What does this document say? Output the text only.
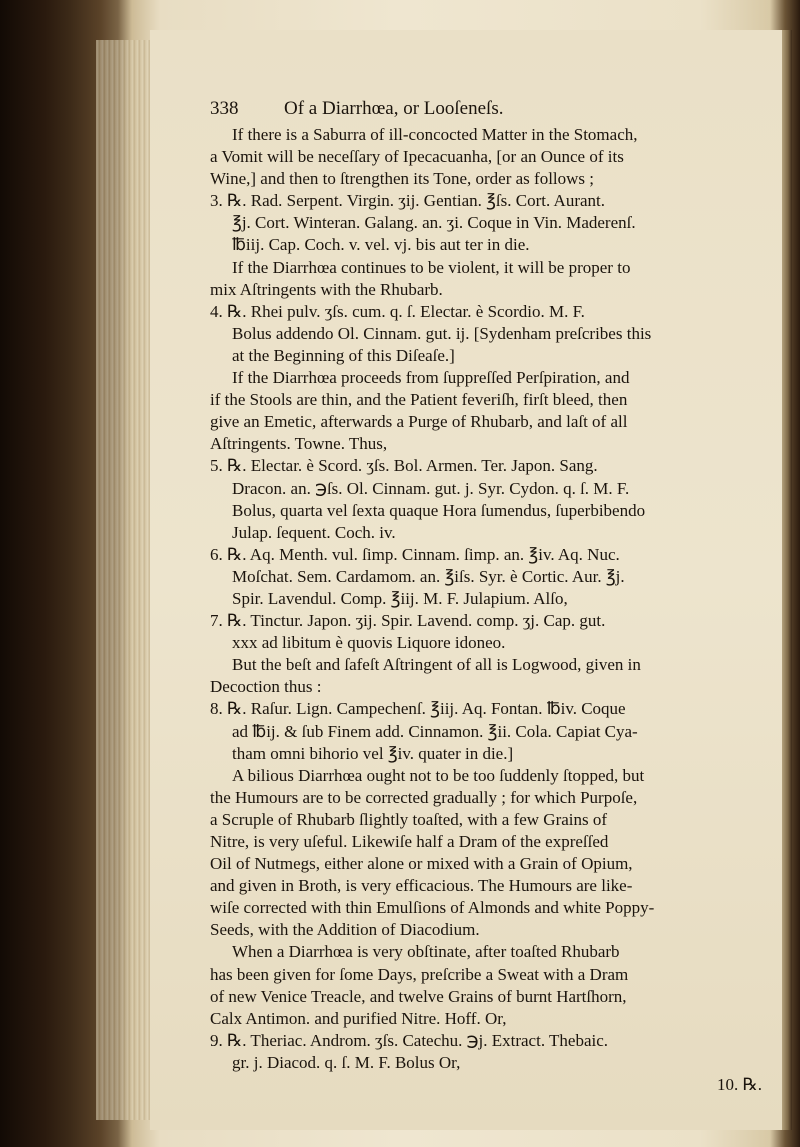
338 Of a Diarrhœa, or Looſeneſs.
If there is a Saburra of ill-concocted Matter in the Stomach,
a Vomit will be neceſſary of Ipecacuanha, [or an Ounce of its
Wine,] and then to ſtrengthen its Tone, order as follows ;
3. ℞. Rad. Serpent. Virgin. ʒij. Gentian. ℥ſs. Cort. Aurant.
℥j. Cort. Winteran. Galang. an. ʒi. Coque in Vin. Maderenſ.
℔iij. Cap. Coch. v. vel. vj. bis aut ter in die.
If the Diarrhœa continues to be violent, it will be proper to
mix Aſtringents with the Rhubarb.
4. ℞. Rhei pulv. ʒſs. cum. q. ſ. Electar. è Scordio. M. F.
Bolus addendo Ol. Cinnam. gut. ij. [Sydenham preſcribes this
at the Beginning of this Diſeaſe.]
If the Diarrhœa proceeds from ſuppreſſed Perſpiration, and
if the Stools are thin, and the Patient feveriſh, firſt bleed, then
give an Emetic, afterwards a Purge of Rhubarb, and laſt of all
Aſtringents. Towne. Thus,
5. ℞. Electar. è Scord. ʒſs. Bol. Armen. Ter. Japon. Sang.
Dracon. an. ℈ſs. Ol. Cinnam. gut. j. Syr. Cydon. q. ſ. M. F.
Bolus, quarta vel ſexta quaque Hora ſumendus, ſuperbibendo
Julap. ſequent. Coch. iv.
6. ℞. Aq. Menth. vul. ſimp. Cinnam. ſimp. an. ℥iv. Aq. Nuc.
Moſchat. Sem. Cardamom. an. ℥iſs. Syr. è Cortic. Aur. ℥j.
Spir. Lavendul. Comp. ℥iij. M. F. Julapium. Alſo,
7. ℞. Tinctur. Japon. ʒij. Spir. Lavend. comp. ʒj. Cap. gut.
xxx ad libitum è quovis Liquore idoneo.
But the beſt and ſafeſt Aſtringent of all is Logwood, given in
Decoction thus :
8. ℞. Raſur. Lign. Campechenſ. ℥iij. Aq. Fontan. ℔iv. Coque
ad ℔ij. & ſub Finem add. Cinnamon. ℥ii. Cola. Capiat Cya-
tham omni bihorio vel ℥iv. quater in die.]
A bilious Diarrhœa ought not to be too ſuddenly ſtopped, but
the Humours are to be corrected gradually ; for which Purpoſe,
a Scruple of Rhubarb ſlightly toaſted, with a few Grains of
Nitre, is very uſeful. Likewiſe half a Dram of the expreſſed
Oil of Nutmegs, either alone or mixed with a Grain of Opium,
and given in Broth, is very efficacious. The Humours are like-
wiſe corrected with thin Emulſions of Almonds and white Poppy-
Seeds, with the Addition of Diacodium.
When a Diarrhœa is very obſtinate, after toaſted Rhubarb
has been given for ſome Days, preſcribe a Sweat with a Dram
of new Venice Treacle, and twelve Grains of burnt Hartſhorn,
Calx Antimon. and purified Nitre. Hoff. Or,
9. ℞. Theriac. Androm. ʒſs. Catechu. ℈j. Extract. Thebaic.
gr. j. Diacod. q. ſ. M. F. Bolus Or,
10. ℞.
